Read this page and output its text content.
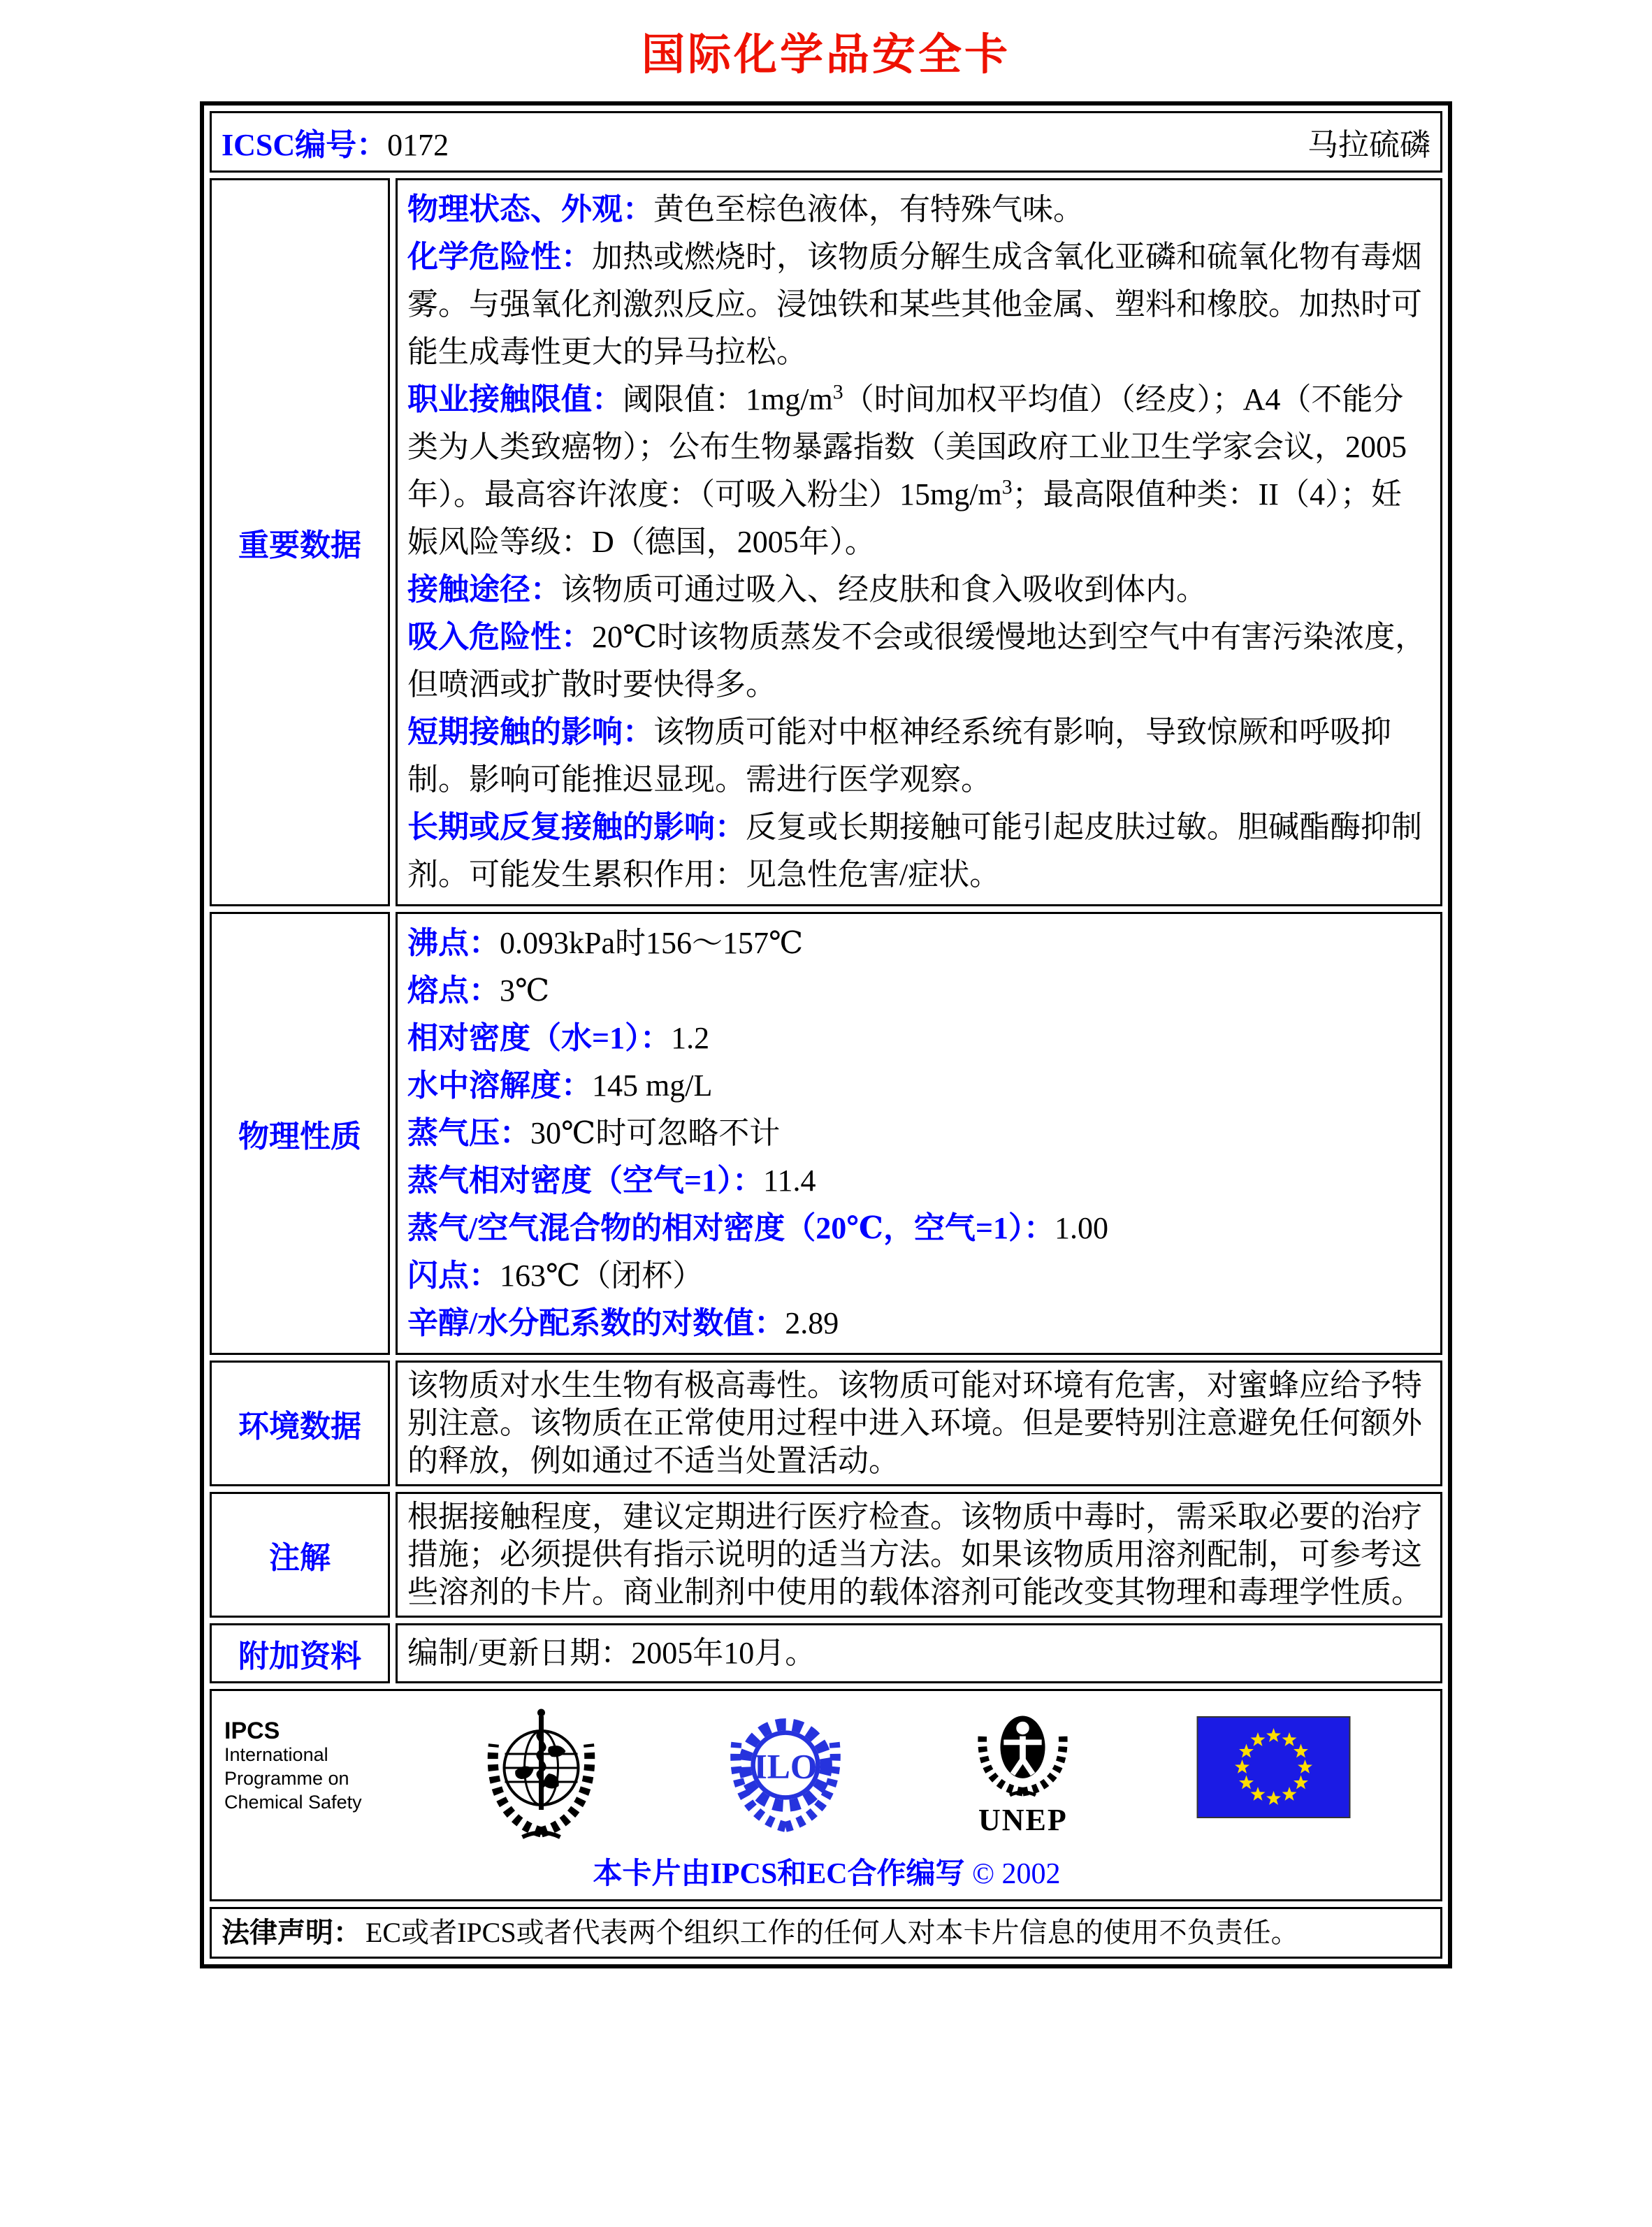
国际化学品安全卡
ICSC编号：0172	马拉硫磷
重要数据

物理状态、外观：黄色至棕色液体，有特殊气味。

化学危险性：加热或燃烧时，该物质分解生成含氧化亚磷和硫氧化物有毒烟雾。与强氧化剂激烈反应。浸蚀铁和某些其他金属、塑料和橡胶。加热时可能生成毒性更大的异马拉松。

职业接触限值：阈限值：$1mg/m^3$（时间加权平均值）（经皮）；A4（不能分类为人类致癌物）；公布生物暴露指数（美国政府工业卫生学家会议，2005年）。最高容许浓度：（可吸入粉尘）$15mg/m^3$；最高限值种类：II（4）；妊娠风险等级：D（德国，2005年）。

接触途径：该物质可通过吸入、经皮肤和食入吸收到体内。

吸入危险性：20℃时该物质蒸发不会或很缓慢地达到空气中有害污染浓度，但喷洒或扩散时要快得多。

短期接触的影响：该物质可能对中枢神经系统有影响，导致惊厥和呼吸抑制。影响可能推迟显现。需进行医学观察。

长期或反复接触的影响：反复或长期接触可能引起皮肤过敏。胆碱酯酶抑制剂。可能发生累积作用：见急性危害/症状。

物理性质

沸点：0.093kPa时156～157℃

熔点：3℃

相对密度（水=1）：1.2

水中溶解度：145 mg/L

蒸气压：30℃时可忽略不计

蒸气相对密度（空气=1）：11.4

蒸气/空气混合物的相对密度（20℃，空气=1）：1.00

闪点：163℃（闭杯）

辛醇/水分配系数的对数值：2.89

环境数据

该物质对水生生物有极高毒性。该物质可能对环境有危害，对蜜蜂应给予特别注意。该物质在正常使用过程中进入环境。但是要特别注意避免任何额外的释放，例如通过不适当处置活动。

注解

根据接触程度，建议定期进行医疗检查。该物质中毒时，需采取必要的治疗措施；必须提供有指示说明的适当方法。如果该物质用溶剂配制，可参考这些溶剂的卡片。商业制剂中使用的载体溶剂可能改变其物理和毒理学性质。

附加资料	编制/更新日期：2005年10月。

IPCS
International
Programme on
Chemical Safety
ILO
UNEP
本卡片由IPCS和EC合作编写 © 2002
法律声明： EC或者IPCS或者代表两个组织工作的任何人对本卡片信息的使用不负责任。
